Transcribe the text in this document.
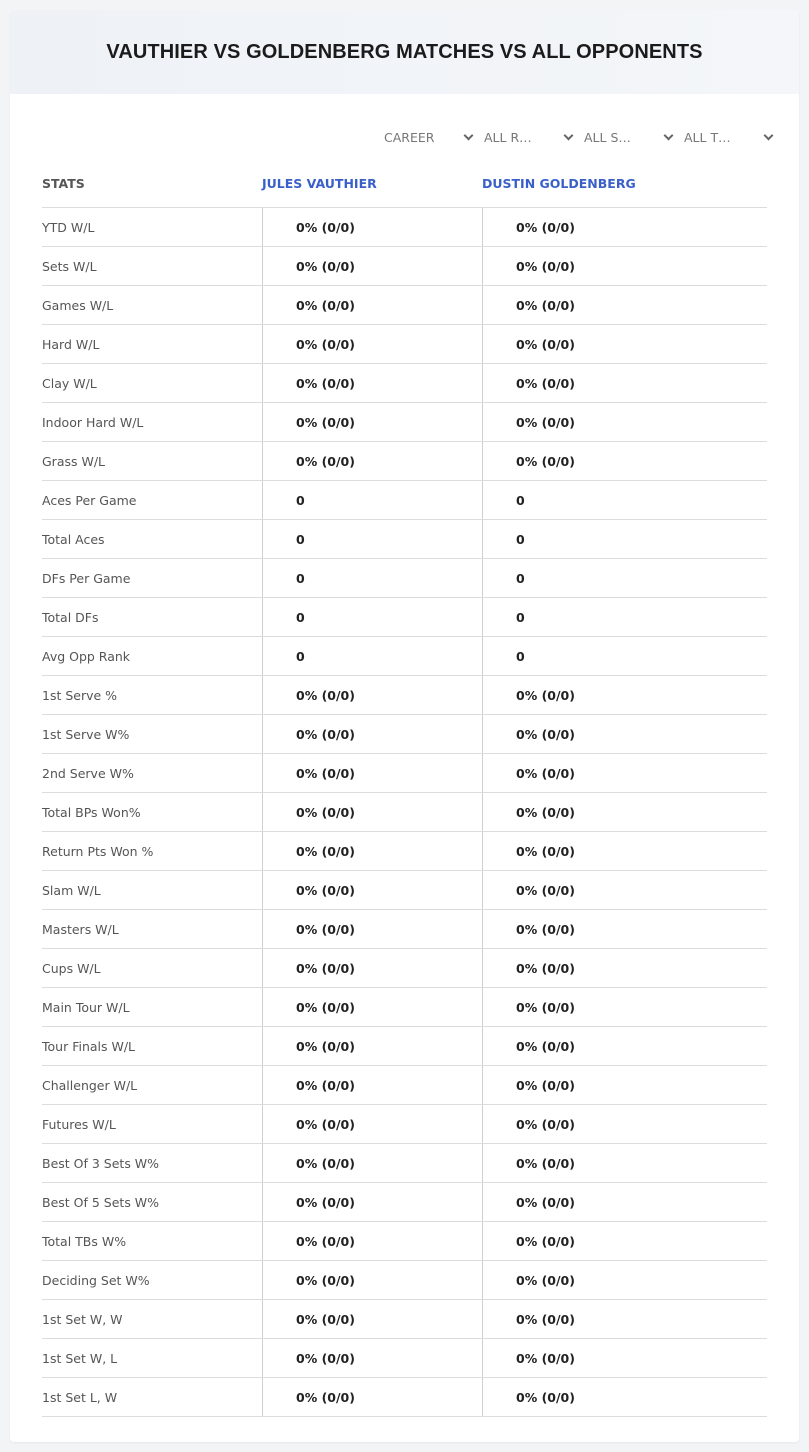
VAUTHIER VS GOLDENBERG MATCHES VS ALL OPPONENTS
CAREER	ALL R…	ALL S…	ALL T…
STATS	JULES VAUTHIER	DUSTIN GOLDENBERG
YTD W/L	0% (0/0)	0% (0/0)
Sets W/L	0% (0/0)	0% (0/0)
Games W/L	0% (0/0)	0% (0/0)
Hard W/L	0% (0/0)	0% (0/0)
Clay W/L	0% (0/0)	0% (0/0)
Indoor Hard W/L	0% (0/0)	0% (0/0)
Grass W/L	0% (0/0)	0% (0/0)
Aces Per Game	0	0
Total Aces	0	0
DFs Per Game	0	0
Total DFs	0	0
Avg Opp Rank	0	0
1st Serve %	0% (0/0)	0% (0/0)
1st Serve W%	0% (0/0)	0% (0/0)
2nd Serve W%	0% (0/0)	0% (0/0)
Total BPs Won%	0% (0/0)	0% (0/0)
Return Pts Won %	0% (0/0)	0% (0/0)
Slam W/L	0% (0/0)	0% (0/0)
Masters W/L	0% (0/0)	0% (0/0)
Cups W/L	0% (0/0)	0% (0/0)
Main Tour W/L	0% (0/0)	0% (0/0)
Tour Finals W/L	0% (0/0)	0% (0/0)
Challenger W/L	0% (0/0)	0% (0/0)
Futures W/L	0% (0/0)	0% (0/0)
Best Of 3 Sets W%	0% (0/0)	0% (0/0)
Best Of 5 Sets W%	0% (0/0)	0% (0/0)
Total TBs W%	0% (0/0)	0% (0/0)
Deciding Set W%	0% (0/0)	0% (0/0)
1st Set W, W	0% (0/0)	0% (0/0)
1st Set W, L	0% (0/0)	0% (0/0)
1st Set L, W	0% (0/0)	0% (0/0)
